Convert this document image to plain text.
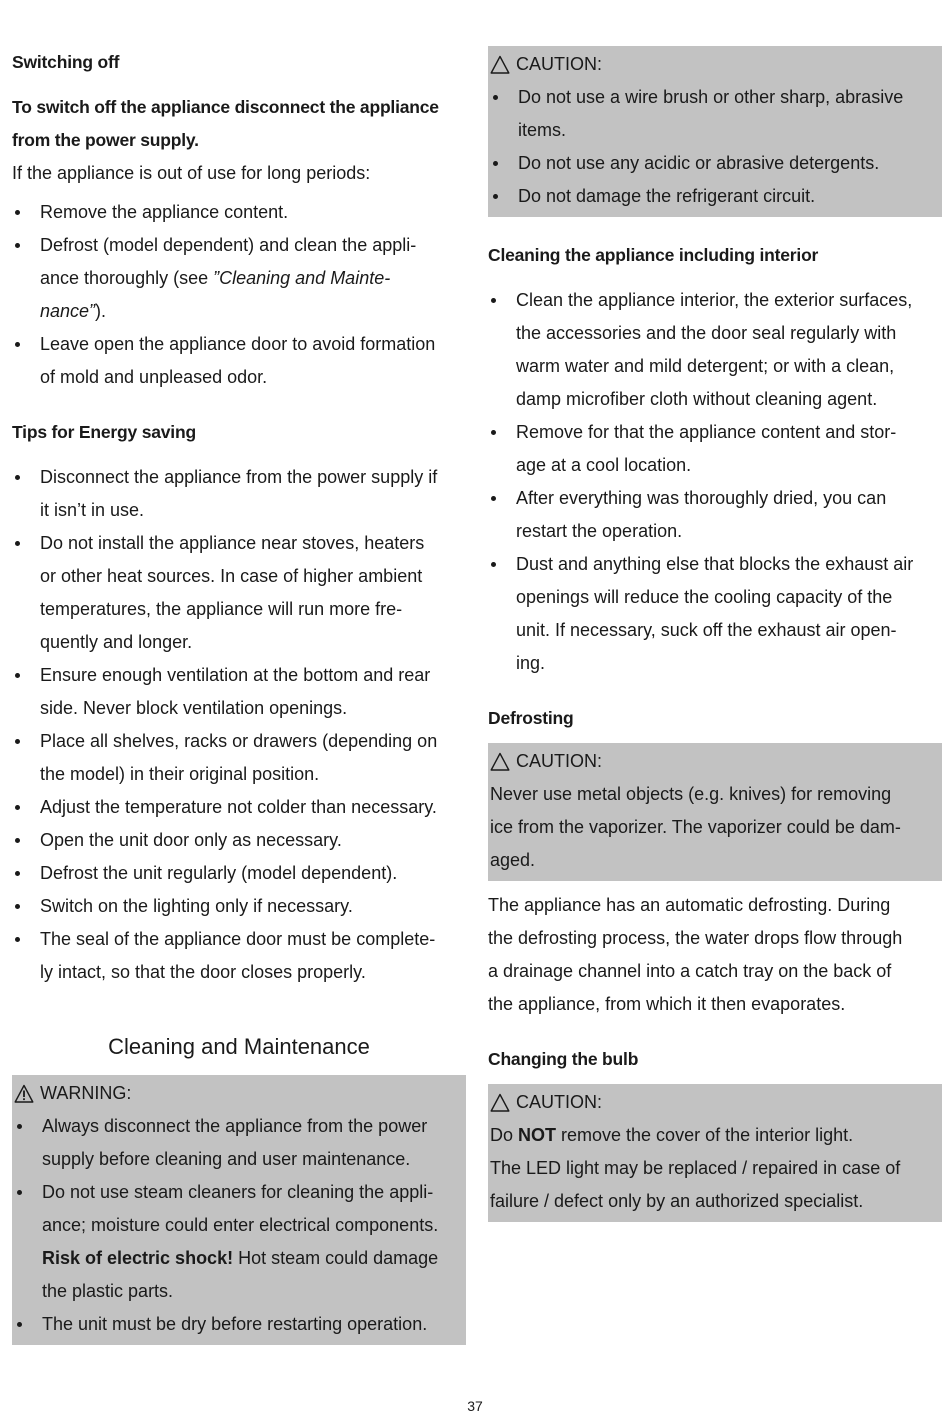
Switching off

To switch off the appliance disconnect the appliance

from the power supply.

If the appliance is out of use for long periods:

Remove the appliance content.
Defrost (model dependent) and clean the appli-
ance thoroughly (see ”Cleaning and Mainte-
nance”).
Leave open the appliance door to avoid formation
of mold and unpleased odor.
Tips for Energy saving
Disconnect the appliance from the power supply if
it isn’t in use.
Do not install the appliance near stoves, heaters
or other heat sources. In case of higher ambient
temperatures, the appliance will run more fre-
quently and longer.
Ensure enough ventilation at the bottom and rear
side. Never block ventilation openings.
Place all shelves, racks or drawers (depending on
the model) in their original position.
Adjust the temperature not colder than necessary.
Open the unit door only as necessary.
Defrost the unit regularly (model dependent).
Switch on the lighting only if necessary.
The seal of the appliance door must be complete-
ly intact, so that the door closes properly.
Cleaning and Maintenance
WARNING:
Always disconnect the appliance from the power
supply before cleaning and user maintenance.
Do not use steam cleaners for cleaning the appli-
ance; moisture could enter electrical components.
Risk of electric shock! Hot steam could damage
the plastic parts.
The unit must be dry before restarting operation.
CAUTION:
Do not use a wire brush or other sharp, abrasive
items.
Do not use any acidic or abrasive detergents.
Do not damage the refrigerant circuit.
Cleaning the appliance including interior
Clean the appliance interior, the exterior surfaces,
the accessories and the door seal regularly with
warm water and mild detergent; or with a clean,
damp microfiber cloth without cleaning agent.
Remove for that the appliance content and stor-
age at a cool location.
After everything was thoroughly dried, you can
restart the operation.
Dust and anything else that blocks the exhaust air
openings will reduce the cooling capacity of the
unit. If necessary, suck off the exhaust air open-
ing.
Defrosting
CAUTION:

Never use metal objects (e.g. knives) for removing

ice from the vaporizer. The vaporizer could be dam-

aged.

The appliance has an automatic defrosting. During

the defrosting process, the water drops flow through

a drainage channel into a catch tray on the back of

the appliance, from which it then evaporates.

Changing the bulb
CAUTION:

Do NOT remove the cover of the interior light.

The LED light may be replaced / repaired in case of

failure / defect only by an authorized specialist.

37
